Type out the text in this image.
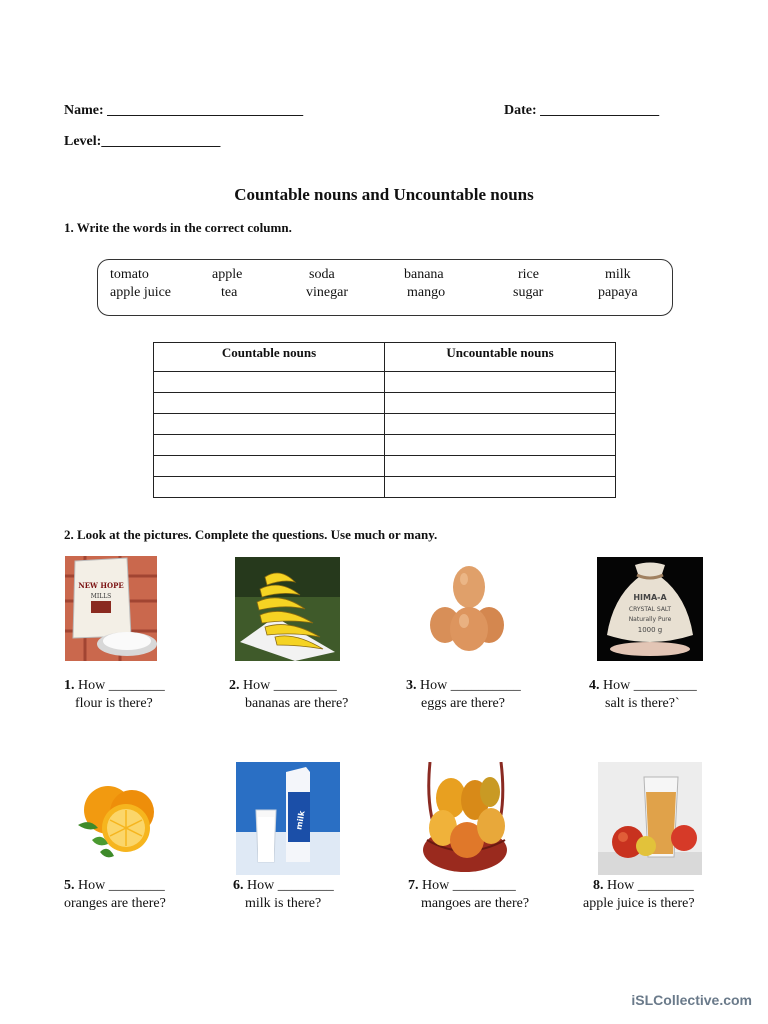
Name: ____________________________	Date: _________________
Level:_________________
Countable nouns and Uncountable nouns
1. Write the words in the correct column.
tomato	apple	soda	banana	rice	milk
apple juice	tea	vinegar	mango	sugar	papaya
Countable nouns	Uncountable nouns

2. Look at the pictures. Complete the questions. Use much or many.
NEW HOPE
MILLS	HIMA-A
CRYSTAL SALT
Naturally Pure
1000 g
milk
1. How ________
flour is there?
2. How _________
bananas are there?
3. How __________
eggs are there?
4. How _________
salt is there?`
5. How ________
oranges are there?
6. How ________
milk is there?
7. How _________
mangoes are there?
8. How ________
apple juice is there?
iSLCollective.com
